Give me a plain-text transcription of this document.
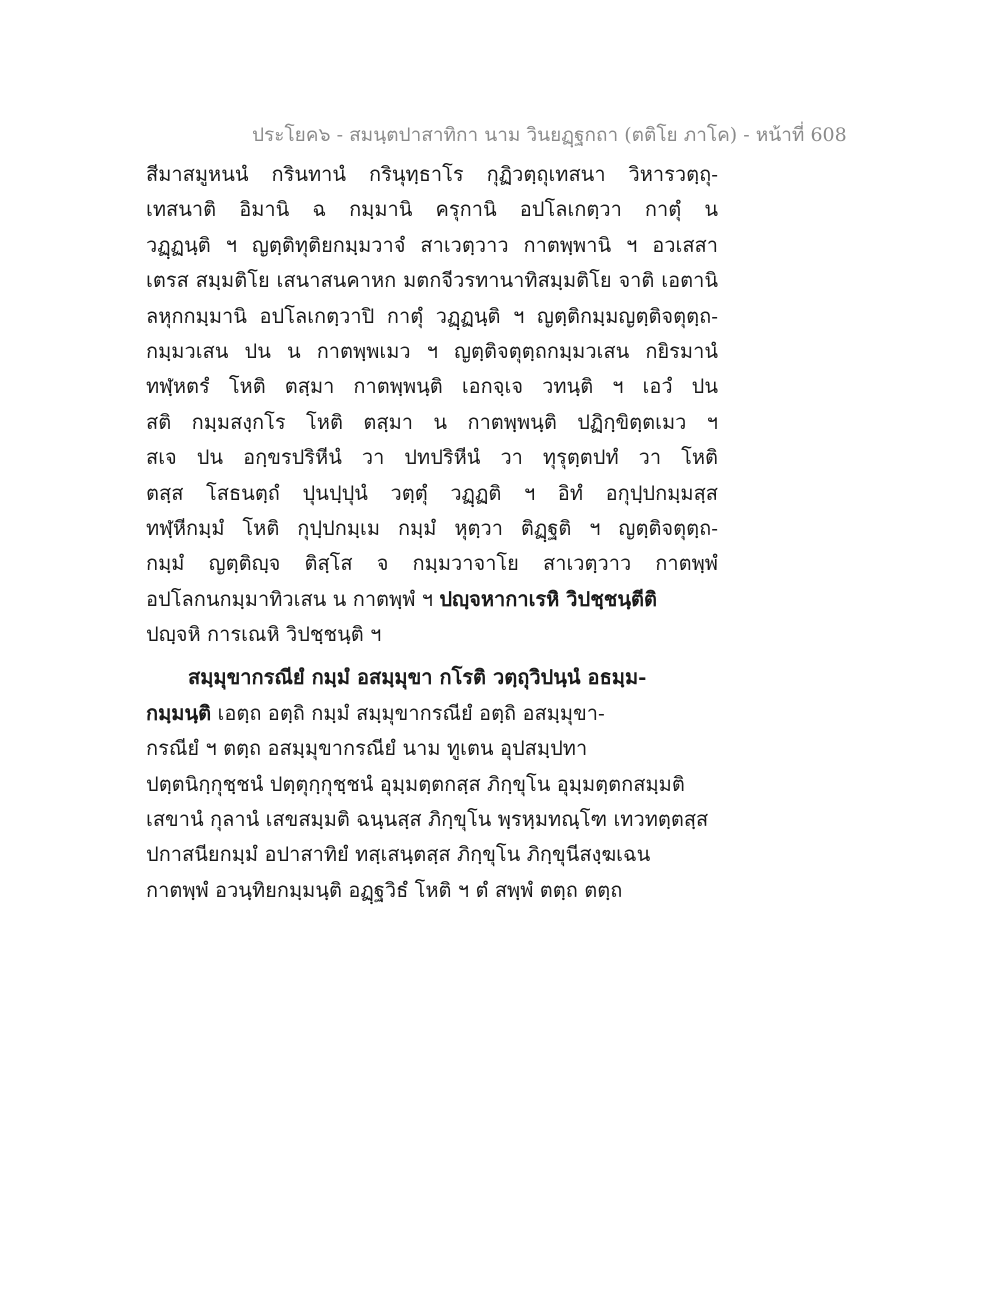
ประโยค๖ - สมนฺตปาสาทิกา นาม วินยฏฺฐกถา (ตติโย ภาโค) - หน้าที่ 608
สีมาสมูหนนํ กรินทานํ กรินุทฺธาโร กุฏิวตฺถุเทสนา วิหารวตฺถุ-
เทสนาติ อิมานิ ฉ กมฺมานิ ครุกานิ อปโลเกตฺวา กาตุํ น
วฏฺฏนฺติ ฯ ญตฺติทุติยกมฺมวาจํ สาเวตฺวาว กาตพฺพานิ ฯ อวเสสา
เตรส สมฺมติโย เสนาสนคาหก มตกจีวรทานาทิสมฺมติโย จาติ เอตานิ
ลหุกกมฺมานิ อปโลเกตฺวาปิ กาตุํ วฏฺฏนฺติ ฯ ญตฺติกมฺมญตฺติจตุตฺถ-
กมฺมวเสน ปน น กาตพฺพเมว ฯ ญตฺติจตุตฺถกมฺมวเสน กยิรมานํ
ทฬฺหตรํ โหติ ตสฺมา กาตพฺพนฺติ เอกจฺเจ วทนฺติ ฯ เอวํ ปน
สติ กมฺมสงฺกโร โหติ ตสฺมา น กาตพฺพนฺติ ปฏิกฺขิตฺตเมว ฯ
สเจ ปน อกฺขรปริหีนํ วา ปทปริหีนํ วา ทุรุตฺตปทํ วา โหติ
ตสฺส โสธนตฺถํ ปุนปฺปุนํ วตฺตุํ วฏฺฏติ ฯ อิทํ อกุปฺปกมฺมสฺส
ทฬฺหีกมฺมํ โหติ กุปฺปกมฺเม กมฺมํ หุตฺวา ติฏฺฐติ ฯ ญตฺติจตุตฺถ-
กมฺมํ ญตฺติญฺจ ติสฺโส จ กมฺมวาจาโย สาเวตฺวาว กาตพฺพํ
อปโลกนกมฺมาทิวเสน น กาตพฺพํ ฯ ปญฺจหากาเรหิ วิปชฺชนฺตีติ
ปญฺจหิ การเณหิ วิปชฺชนฺติ ฯ
สมฺมุขากรณียํ กมฺมํ อสมฺมุขา กโรติ วตฺถุวิปนฺนํ อธมฺม-
กมฺมนฺติ เอตฺถ อตฺถิ กมฺมํ สมฺมุขากรณียํ อตฺถิ อสมฺมุขา-
กรณียํ ฯ ตตฺถ อสมฺมุขากรณียํ นาม ทูเตน อุปสมฺปทา
ปตฺตนิกฺกุชฺชนํ ปตฺตุกฺกุชฺชนํ อุมฺมตฺตกสฺส ภิกฺขุโน อุมฺมตฺตกสมฺมติ
เสขานํ กุลานํ เสขสมฺมติ ฉนฺนสฺส ภิกฺขุโน พฺรหฺมทณฺโฑ เทวทตฺตสฺส
ปกาสนียกมฺมํ อปาสาทิยํ ทสฺเสนฺตสฺส ภิกฺขุโน ภิกฺขุนีสงฺฆเฉน
กาตพฺพํ อวนฺทิยกมฺมนฺติ อฏฺฐวิธํ โหติ ฯ ตํ สพฺพํ ตตฺถ ตตฺถ
